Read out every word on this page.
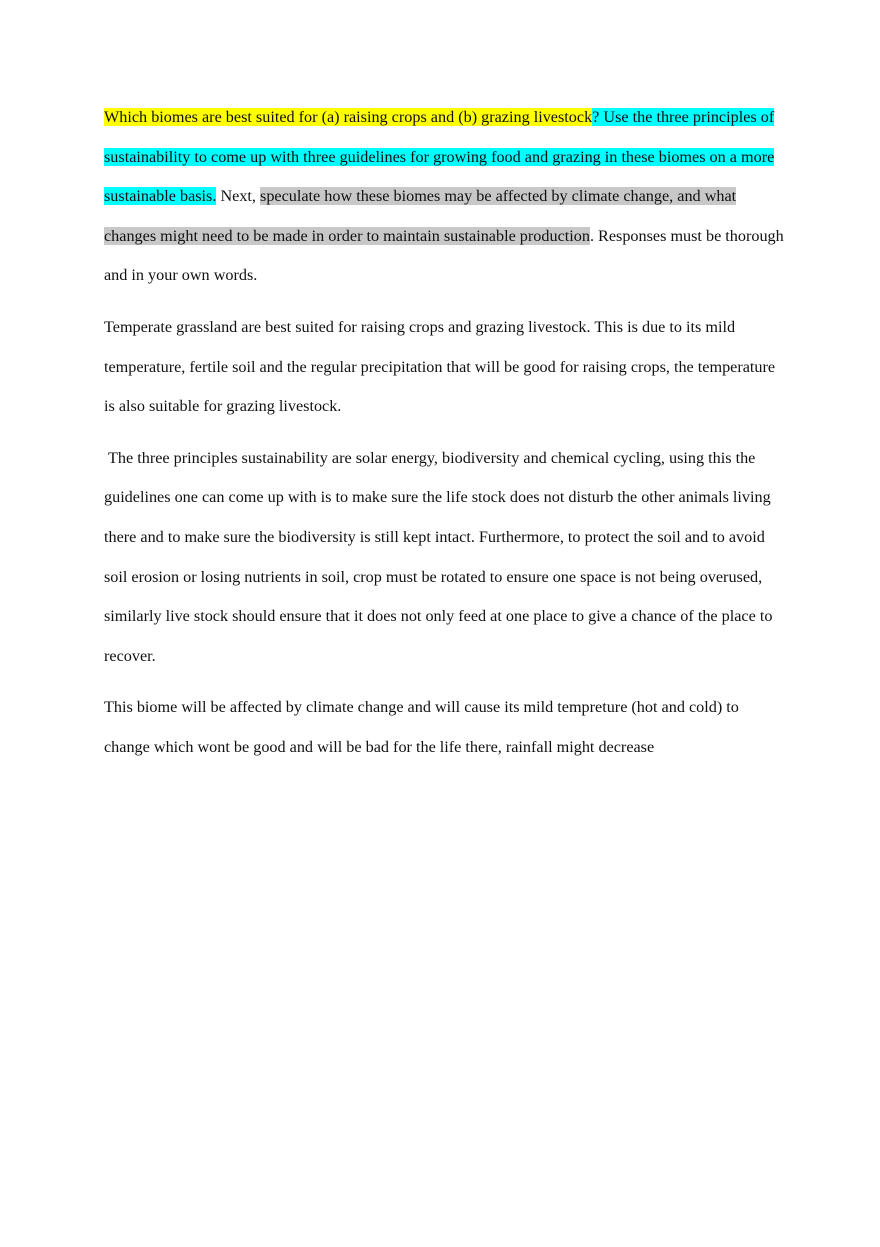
Which biomes are best suited for (a) raising crops and (b) grazing livestock? Use the three principles of sustainability to come up with three guidelines for growing food and grazing in these biomes on a more sustainable basis. Next, speculate how these biomes may be affected by climate change, and what changes might need to be made in order to maintain sustainable production. Responses must be thorough and in your own words.

Temperate grassland are best suited for raising crops and grazing livestock. This is due to its mild temperature, fertile soil and the regular precipitation that will be good for raising crops, the temperature is also suitable for grazing livestock.

The three principles sustainability are solar energy, biodiversity and chemical cycling, using this the guidelines one can come up with is to make sure the life stock does not disturb the other animals living there and to make sure the biodiversity is still kept intact. Furthermore, to protect the soil and to avoid soil erosion or losing nutrients in soil, crop must be rotated to ensure one space is not being overused, similarly live stock should ensure that it does not only feed at one place to give a chance of the place to recover.

This biome will be affected by climate change and will cause its mild tempreture (hot and cold) to change which wont be good and will be bad for the life there, rainfall might decrease
